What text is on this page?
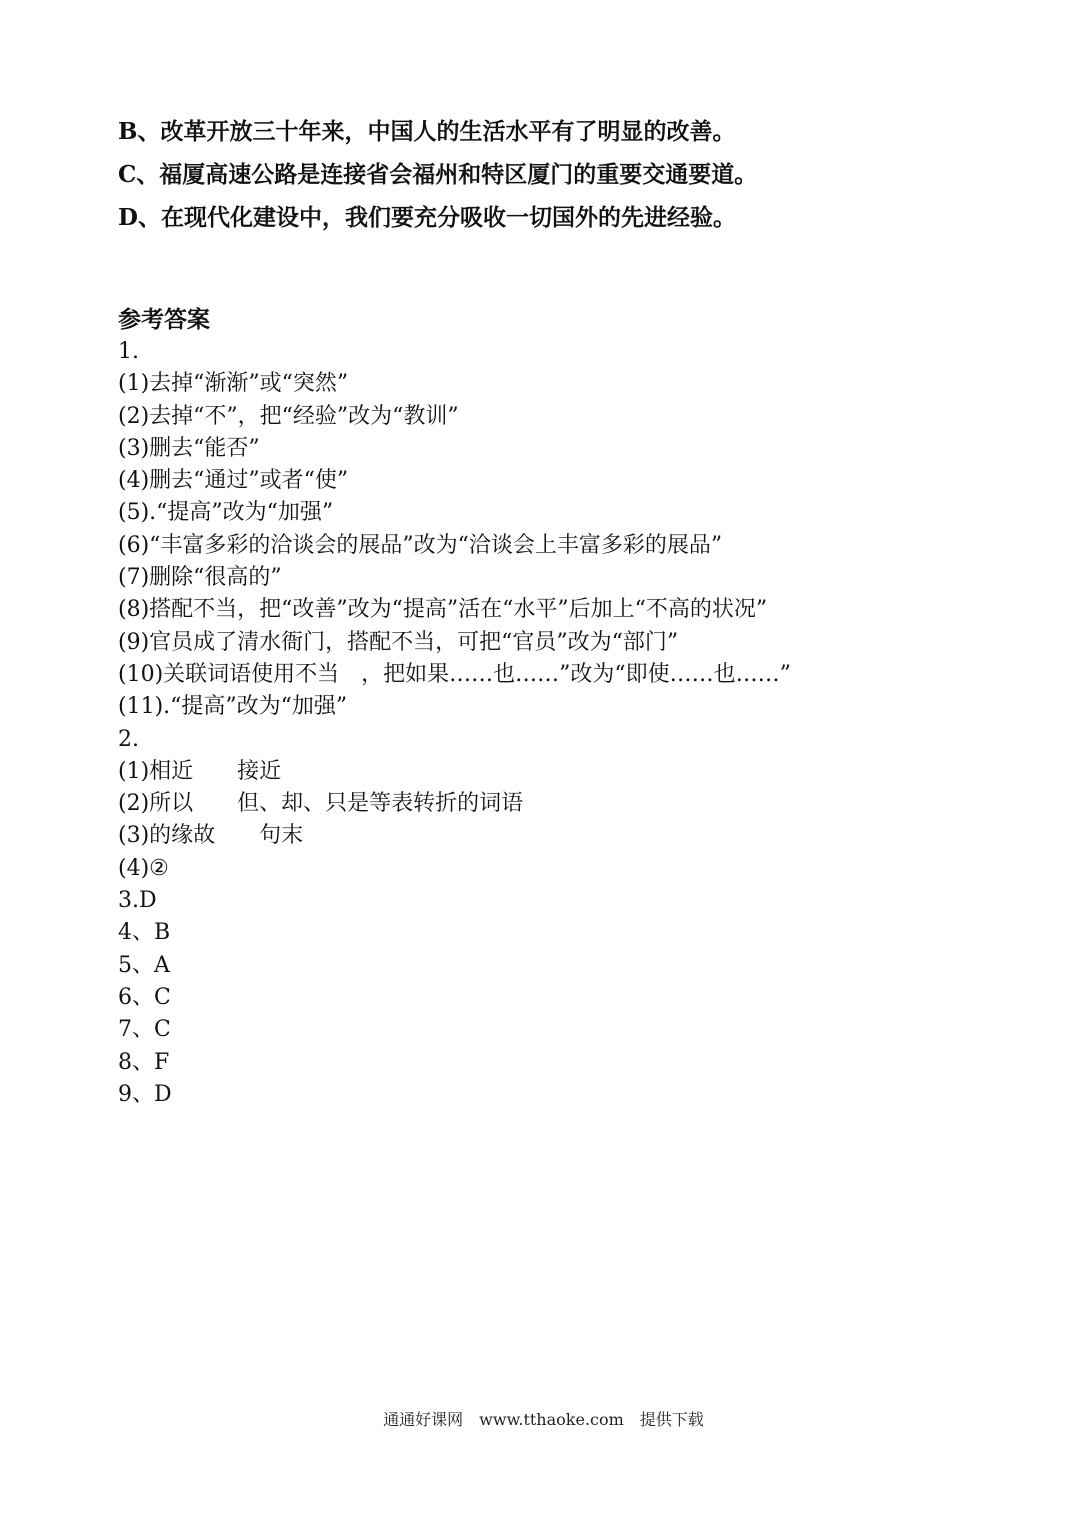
B、改革开放三十年来，中国人的生活水平有了明显的改善。
C、福厦高速公路是连接省会福州和特区厦门的重要交通要道。
D、在现代化建设中，我们要充分吸收一切国外的先进经验。
参考答案
1.
(1)去掉“渐渐”或“突然”
(2)去掉“不”，把“经验”改为“教训”
(3)删去“能否”
(4)删去“通过”或者“使”
(5).“提高”改为“加强”
(6)“丰富多彩的洽谈会的展品”改为“洽谈会上丰富多彩的展品”
(7)删除“很高的”
(8)搭配不当，把“改善”改为“提高”活在“水平”后加上“不高的状况”
(9)官员成了清水衙门，搭配不当，可把“官员”改为“部门”
(10)关联词语使用不当　，把如果……也……”改为“即使……也……”
(11).“提高”改为“加强”
2.
(1)相近　　接近
(2)所以　　但、却、只是等表转折的词语
(3)的缘故　　句末
(4)②
3.D
4、B
5、A
6、C
7、C
8、F
9、D
通通好课网　www.tthaoke.com　提供下载
